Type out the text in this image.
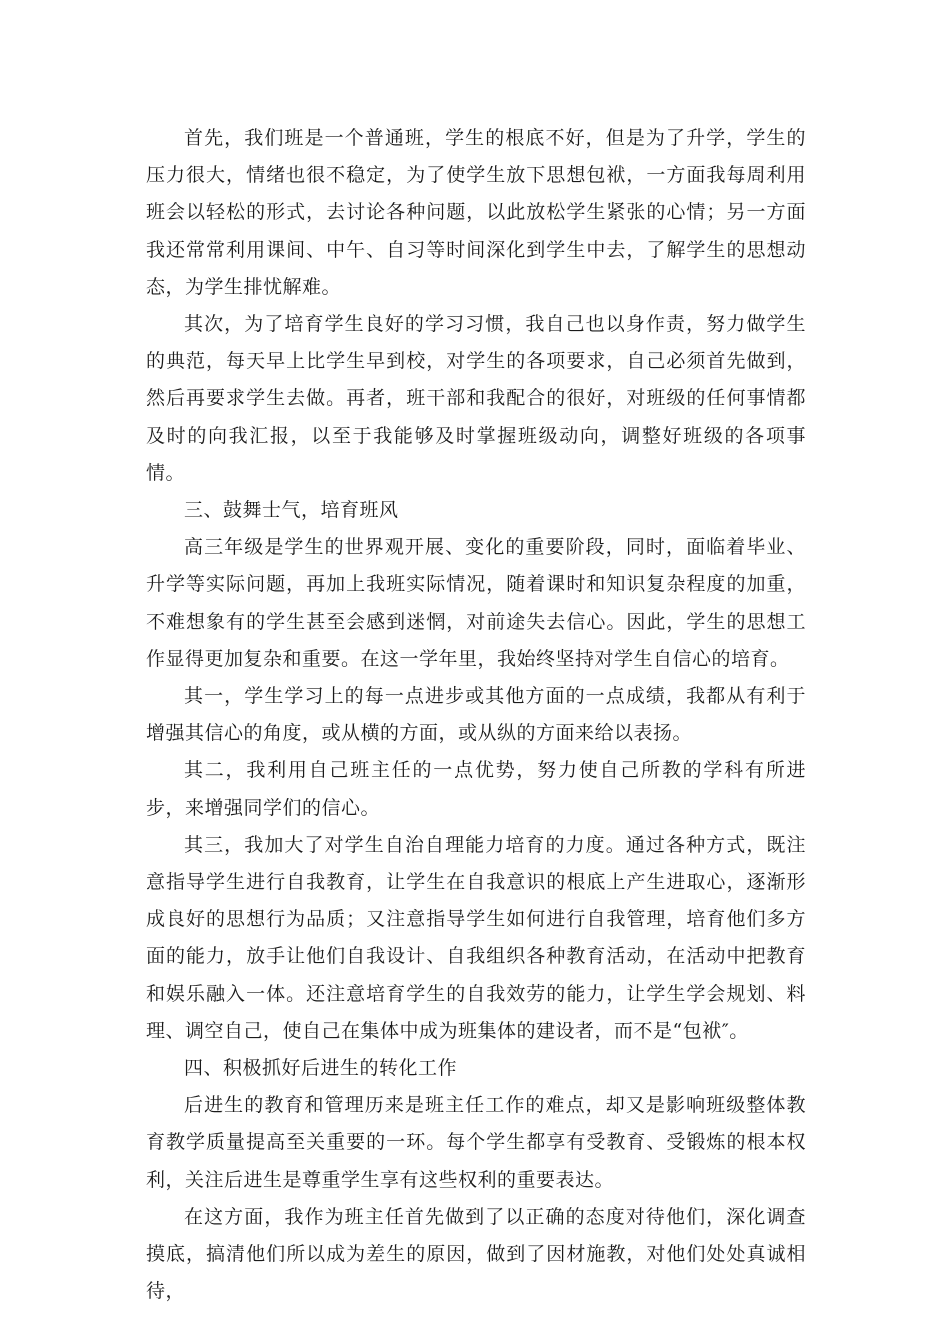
首先，我们班是一个普通班，学生的根底不好，但是为了升学，学生的压力很大，情绪也很不稳定，为了使学生放下思想包袱，一方面我每周利用班会以轻松的形式，去讨论各种问题，以此放松学生紧张的心情；另一方面我还常常利用课间、中午、自习等时间深化到学生中去，了解学生的思想动态，为学生排忧解难。

其次，为了培育学生良好的学习习惯，我自己也以身作责，努力做学生的典范，每天早上比学生早到校，对学生的各项要求，自己必须首先做到，然后再要求学生去做。再者，班干部和我配合的很好，对班级的任何事情都及时的向我汇报，以至于我能够及时掌握班级动向，调整好班级的各项事情。

三、鼓舞士气，培育班风

高三年级是学生的世界观开展、变化的重要阶段，同时，面临着毕业、升学等实际问题，再加上我班实际情况，随着课时和知识复杂程度的加重，不难想象有的学生甚至会感到迷惘，对前途失去信心。因此，学生的思想工作显得更加复杂和重要。在这一学年里，我始终坚持对学生自信心的培育。

其一，学生学习上的每一点进步或其他方面的一点成绩，我都从有利于增强其信心的角度，或从横的方面，或从纵的方面来给以表扬。

其二，我利用自己班主任的一点优势，努力使自己所教的学科有所进步，来增强同学们的信心。

其三，我加大了对学生自治自理能力培育的力度。通过各种方式，既注意指导学生进行自我教育，让学生在自我意识的根底上产生进取心，逐渐形成良好的思想行为品质；又注意指导学生如何进行自我管理，培育他们多方面的能力，放手让他们自我设计、自我组织各种教育活动，在活动中把教育和娱乐融入一体。还注意培育学生的自我效劳的能力，让学生学会规划、料理、调空自己，使自己在集体中成为班集体的建设者，而不是“包袱″。

四、积极抓好后进生的转化工作

后进生的教育和管理历来是班主任工作的难点，却又是影响班级整体教育教学质量提高至关重要的一环。每个学生都享有受教育、受锻炼的根本权利，关注后进生是尊重学生享有这些权利的重要表达。

在这方面，我作为班主任首先做到了以正确的态度对待他们，深化调查摸底，搞清他们所以成为差生的原因，做到了因材施教，对他们处处真诚相待，
